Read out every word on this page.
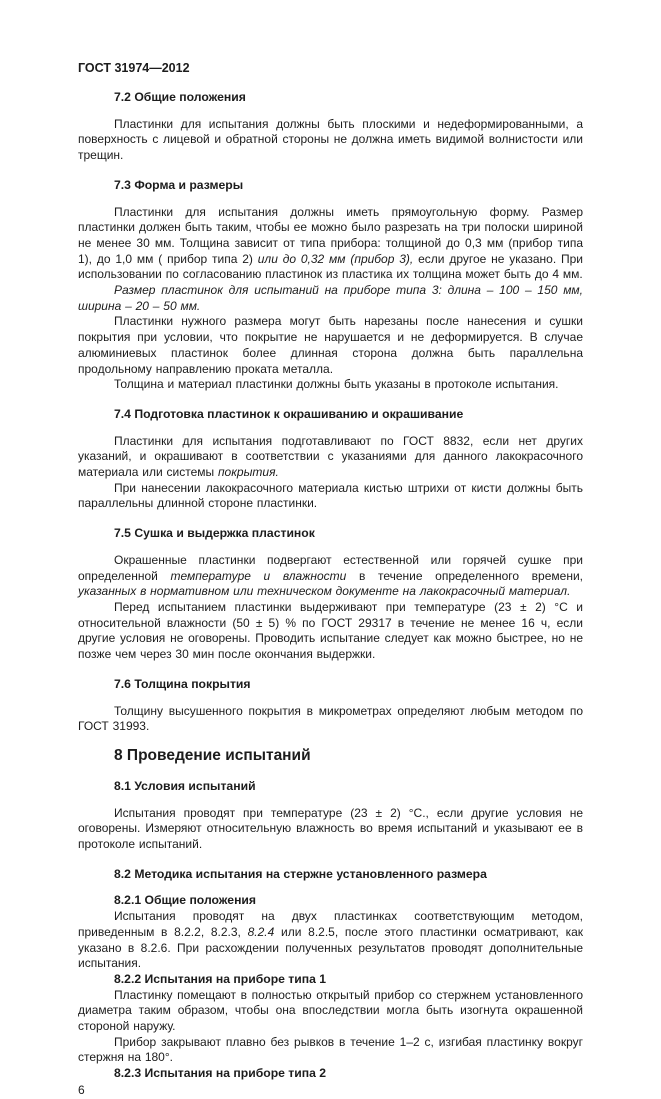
ГОСТ 31974—2012
7.2 Общие положения
Пластинки для испытания должны быть плоскими и недеформированными, а поверхность с лицевой и обратной стороны не должна иметь видимой волнистости или трещин.
7.3 Форма и размеры
Пластинки для испытания должны иметь прямоугольную форму. Размер пластинки должен быть таким, чтобы ее можно было разрезать на три полоски шириной не менее 30 мм. Толщина зависит от типа прибора: толщиной до 0,3 мм (прибор типа 1), до 1,0 мм ( прибор типа 2) или до 0,32 мм (прибор 3), если другое не указано. При использовании по согласованию пластинок из пластика их толщина может быть до 4 мм.
Размер пластинок для испытаний на приборе типа 3: длина – 100 – 150 мм, ширина – 20 – 50 мм.
Пластинки нужного размера могут быть нарезаны после нанесения и сушки покрытия при условии, что покрытие не нарушается и не деформируется. В случае алюминиевых пластинок более длинная сторона должна быть параллельна продольному направлению проката металла.
Толщина и материал пластинки должны быть указаны в протоколе испытания.
7.4 Подготовка пластинок к окрашиванию и окрашивание
Пластинки для испытания подготавливают по ГОСТ 8832, если нет других указаний, и окрашивают в соответствии с указаниями для данного лакокрасочного материала или системы покрытия.
При нанесении лакокрасочного материала кистью штрихи от кисти должны быть параллельны длинной стороне пластинки.
7.5 Сушка и выдержка пластинок
Окрашенные пластинки подвергают естественной или горячей сушке при определенной температуре и влажности в течение определенного времени, указанных в нормативном или техническом документе на лакокрасочный материал.
Перед испытанием пластинки выдерживают при температуре (23 ± 2) °С и относительной влажности (50 ± 5) % по ГОСТ 29317 в течение не менее 16 ч, если другие условия не оговорены. Проводить испытание следует как можно быстрее, но не позже чем через 30 мин после окончания выдержки.
7.6 Толщина покрытия
Толщину высушенного покрытия в микрометрах определяют любым методом по ГОСТ 31993.
8 Проведение испытаний
8.1 Условия испытаний
Испытания проводят при температуре (23 ± 2) °С., если другие условия не оговорены. Измеряют относительную влажность во время испытаний и указывают ее в протоколе испытаний.
8.2 Методика испытания на стержне установленного размера
8.2.1 Общие положения
Испытания проводят на двух пластинках соответствующим методом, приведенным в 8.2.2, 8.2.3, 8.2.4 или 8.2.5, после этого пластинки осматривают, как указано в 8.2.6. При расхождении полученных результатов проводят дополнительные испытания.
8.2.2 Испытания на приборе типа 1
Пластинку помещают в полностью открытый прибор со стержнем установленного диаметра таким образом, чтобы она впоследствии могла быть изогнута окрашенной стороной наружу.
Прибор закрывают плавно без рывков в течение 1–2 с, изгибая пластинку вокруг стержня на 180°.
8.2.3 Испытания на приборе типа 2
6
